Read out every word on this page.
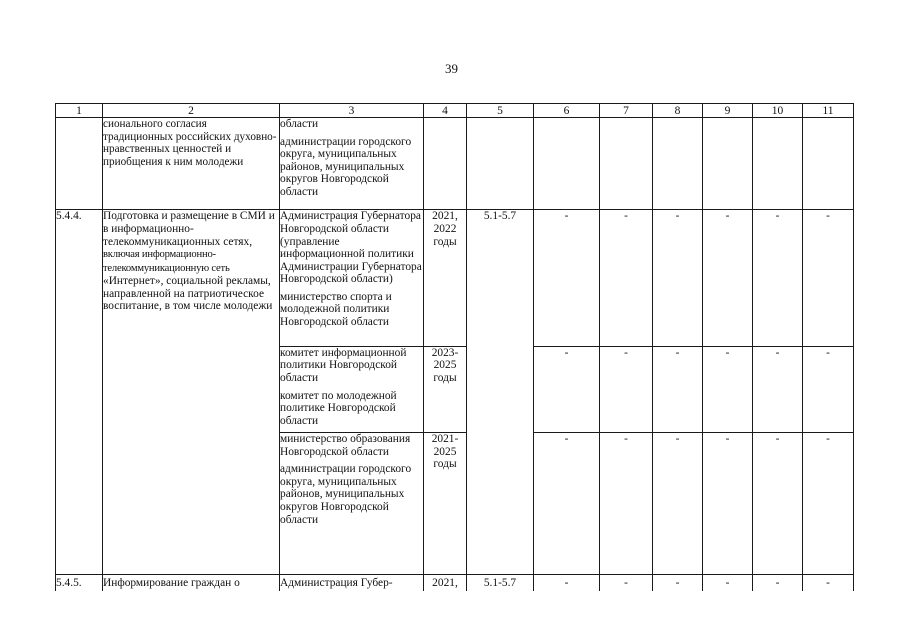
39
1	2	3	4	5	6	7	8	9	10	11

	сионального согласия традиционных российских духовно-нравственных ценностей и приобщения к ним молодежи	области
администрации городского округа, муниципальных районов, муниципальных округов Новгородской области								

5.4.4.	Подготовка и размещение в СМИ и в информационно-телекоммуникационных сетях, включая информационно-телекоммуникационную сеть «Интернет», социальной рекламы, направленной на патриотическое воспитание, в том числе молодежи	Администрация Губернатора Новгородской области (управление информационной политики Администрации Губернатора Новгородской области)
министерство спорта и молодежной политики Новгородской области	2021, 2022 годы	5.1-5.7	-	-	-	-	-	-

		комитет информационной политики Новгородской области
комитет по молодежной политике Новгородской области	2023-2025 годы		-	-	-	-	-	-

		министерство образования Новгородской области
администрации городского округа, муниципальных районов, муниципальных округов Новгородской области	2021-2025 годы		-	-	-	-	-	-

5.4.5.	Информирование граждан о	Администрация Губер-	2021,	5.1-5.7	-	-	-	-	-	-
